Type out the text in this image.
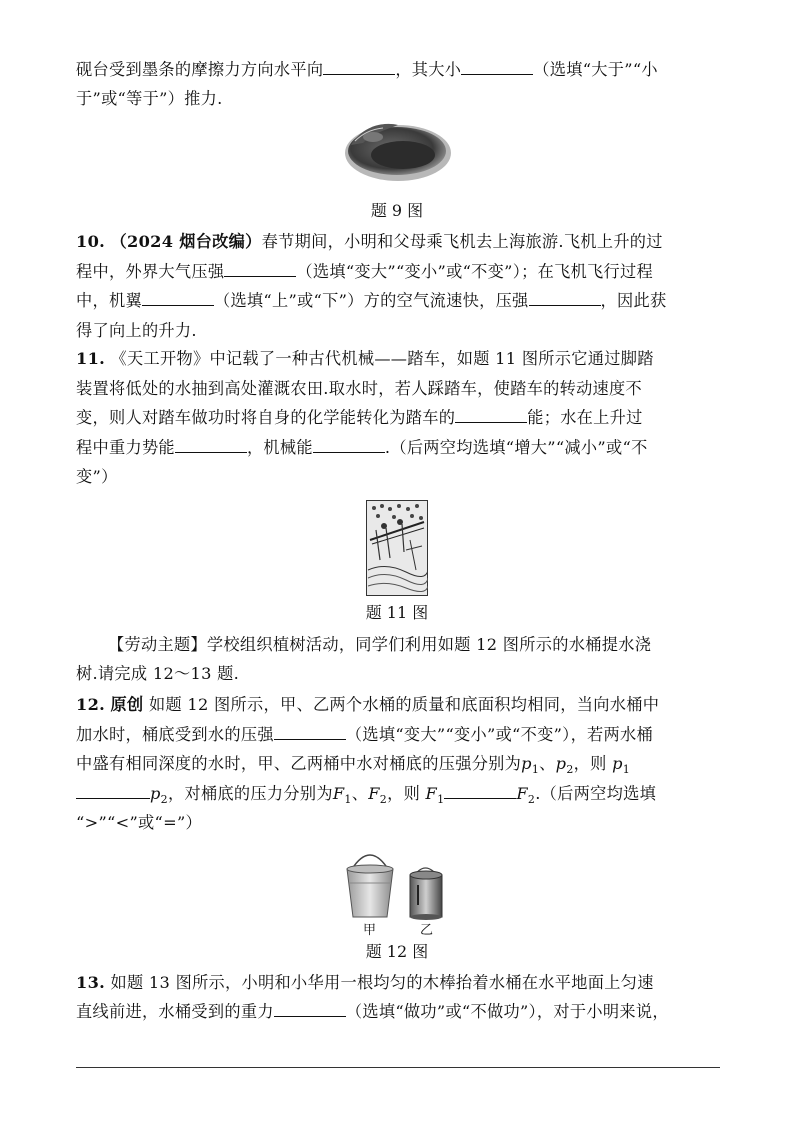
砚台受到墨条的摩擦力方向水平向	，其大小	（选填“大于”“小
于”或“等于”）推力.
题 9 图
10. （2024 烟台改编）春节期间，小明和父母乘飞机去上海旅游.飞机上升的过
程中，外界大气压强	（选填“变大”“变小”或“不变”）；在飞机飞行过程
中，机翼	（选填“上”或“下”）方的空气流速快，压强	，因此获
得了向上的升力.
11. 《天工开物》中记载了一种古代机械——踏车，如题 11 图所示它通过脚踏
装置将低处的水抽到高处灌溉农田.取水时，若人踩踏车，使踏车的转动速度不
变，则人对踏车做功时将自身的化学能转化为踏车的	能；水在上升过
程中重力势能	，机械能	.（后两空均选填“增大”“减小”或“不
变”）
题 11 图
【劳动主题】学校组织植树活动，同学们利用如题 12 图所示的水桶提水浇
树.请完成 12～13 题.
12. 原创 如题 12 图所示，甲、乙两个水桶的质量和底面积均相同，当向水桶中
加水时，桶底受到水的压强	（选填“变大”“变小”或“不变”），若两水桶
中盛有相同深度的水时，甲、乙两桶中水对桶底的压强分别为$p_1$、$p_2$，则 $p_1$
$p_2$，对桶底的压力分别为$F_1$、$F_2$，则 $F_1$	$F_2$.（后两空均选填
“>”“<”或“=”）
甲	乙
题 12 图
13. 如题 13 图所示，小明和小华用一根均匀的木棒抬着水桶在水平地面上匀速
直线前进，水桶受到的重力	（选填“做功”或“不做功”），对于小明来说，
